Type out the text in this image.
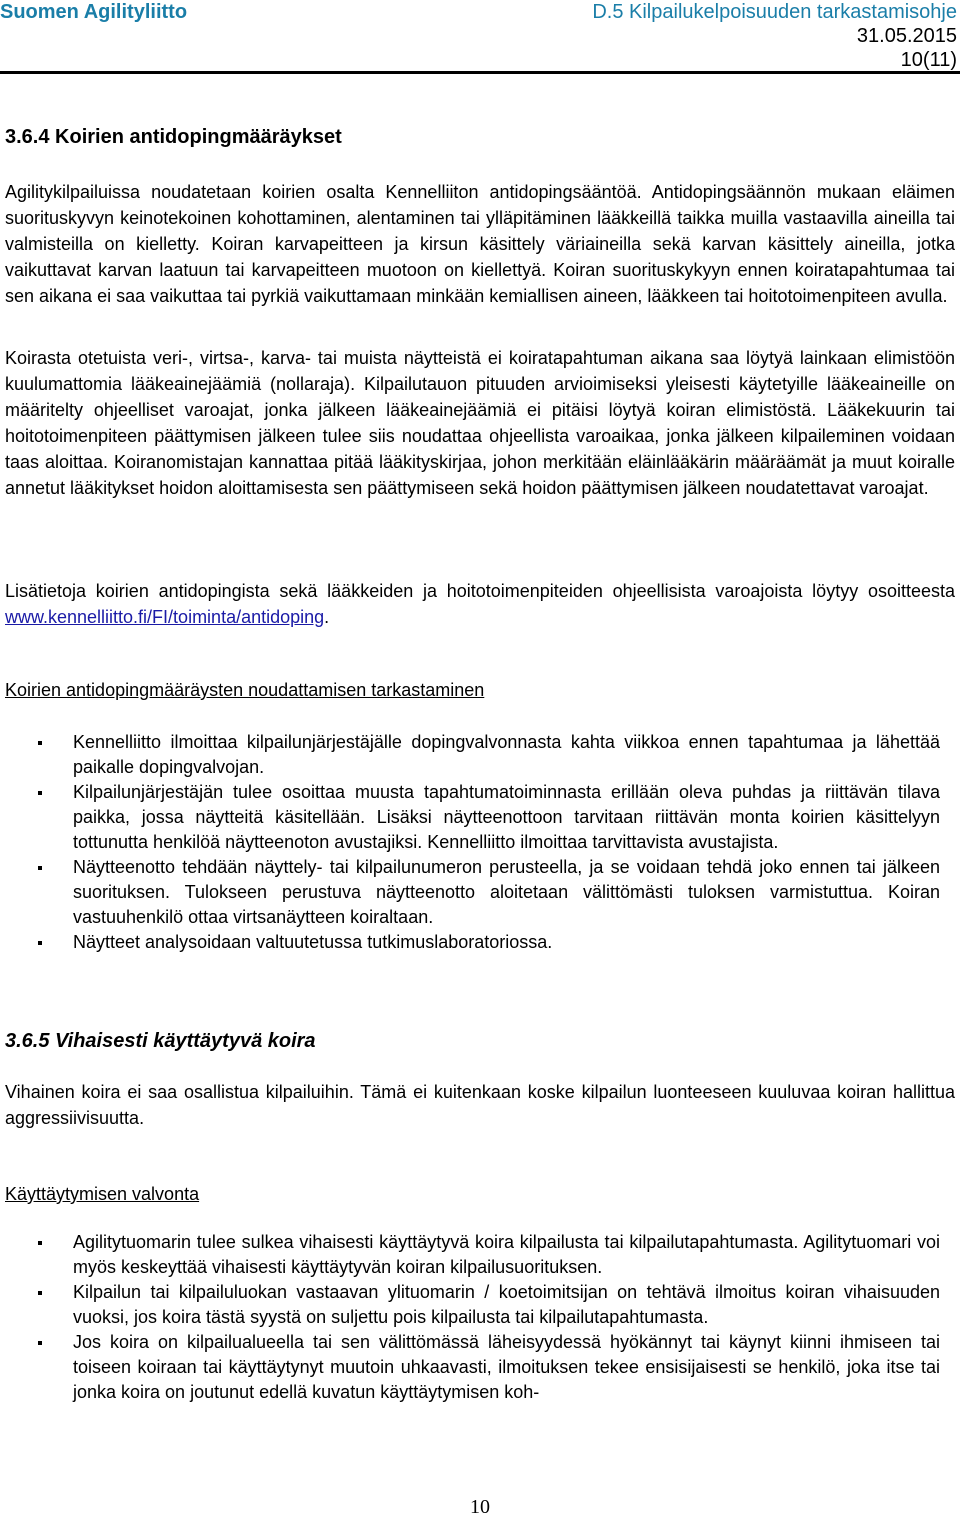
Suomen Agilityliitto	D.5 Kilpailukelpoisuuden tarkastamisohje
31.05.2015
10(11)
3.6.4 Koirien antidopingmääräykset

Agilitykilpailuissa noudatetaan koirien osalta Kennelliiton antidopingsääntöä. Antidopingsäännön mukaan eläimen suorituskyvyn keinotekoinen kohottaminen, alentaminen tai ylläpitäminen lääkkeillä taikka muilla vastaavilla aineilla tai valmisteilla on kielletty. Koiran karvapeitteen ja kirsun käsittely väriaineilla sekä karvan käsittely aineilla, jotka vaikuttavat karvan laatuun tai karvapeitteen muotoon on kiellettyä. Koiran suorituskykyyn ennen koiratapahtumaa tai sen aikana ei saa vaikuttaa tai pyrkiä vaikuttamaan minkään kemiallisen aineen, lääkkeen tai hoitotoimenpiteen avulla.

Koirasta otetuista veri-, virtsa-, karva- tai muista näytteistä ei koiratapahtuman aikana saa löytyä lainkaan elimistöön kuulumattomia lääkeainejäämiä (nollaraja). Kilpailutauon pituuden arvioimiseksi yleisesti käytetyille lääkeaineille on määritelty ohjeelliset varoajat, jonka jälkeen lääkeainejäämiä ei pitäisi löytyä koiran elimistöstä. Lääkekuurin tai hoitotoimenpiteen päättymisen jälkeen tulee siis noudattaa ohjeellista varoaikaa, jonka jälkeen kilpaileminen voidaan taas aloittaa. Koiranomistajan kannattaa pitää lääkityskirjaa, johon merkitään eläinlääkärin määräämät ja muut koiralle annetut lääkitykset hoidon aloittamisesta sen päättymiseen sekä hoidon päättymisen jälkeen noudatettavat varoajat.

Lisätietoja koirien antidopingista sekä lääkkeiden ja hoitotoimenpiteiden ohjeellisista varoajoista löytyy osoitteesta www.kennelliitto.fi/FI/toiminta/antidoping.

Koirien antidopingmääräysten noudattamisen tarkastaminen
Kennelliitto ilmoittaa kilpailunjärjestäjälle dopingvalvonnasta kahta viikkoa ennen tapahtumaa ja lähettää paikalle dopingvalvojan.
Kilpailunjärjestäjän tulee osoittaa muusta tapahtumatoiminnasta erillään oleva puhdas ja riittävän tilava paikka, jossa näytteitä käsitellään. Lisäksi näytteenottoon tarvitaan riittävän monta koirien käsittelyyn tottunutta henkilöä näytteenoton avustajiksi. Kennelliitto ilmoittaa tarvittavista avustajista.
Näytteenotto tehdään näyttely- tai kilpailunumeron perusteella, ja se voidaan tehdä joko ennen tai jälkeen suorituksen. Tulokseen perustuva näytteenotto aloitetaan välittömästi tuloksen varmistuttua. Koiran vastuuhenkilö ottaa virtsanäytteen koiraltaan.
Näytteet analysoidaan valtuutetussa tutkimuslaboratoriossa.
3.6.5 Vihaisesti käyttäytyvä koira

Vihainen koira ei saa osallistua kilpailuihin. Tämä ei kuitenkaan koske kilpailun luonteeseen kuuluvaa koiran hallittua aggressiivisuutta.

Käyttäytymisen valvonta
Agilitytuomarin tulee sulkea vihaisesti käyttäytyvä koira kilpailusta tai kilpailutapahtumasta. Agilitytuomari voi myös keskeyttää vihaisesti käyttäytyvän koiran kilpailusuorituksen.
Kilpailun tai kilpailuluokan vastaavan ylituomarin / koetoimitsijan on tehtävä ilmoitus koiran vihaisuuden vuoksi, jos koira tästä syystä on suljettu pois kilpailusta tai kilpailutapahtumasta.
Jos koira on kilpailualueella tai sen välittömässä läheisyydessä hyökännyt tai käynyt kiinni ihmiseen tai toiseen koiraan tai käyttäytynyt muutoin uhkaavasti, ilmoituksen tekee ensisijaisesti se henkilö, joka itse tai jonka koira on joutunut edellä kuvatun käyttäytymisen koh-
10
